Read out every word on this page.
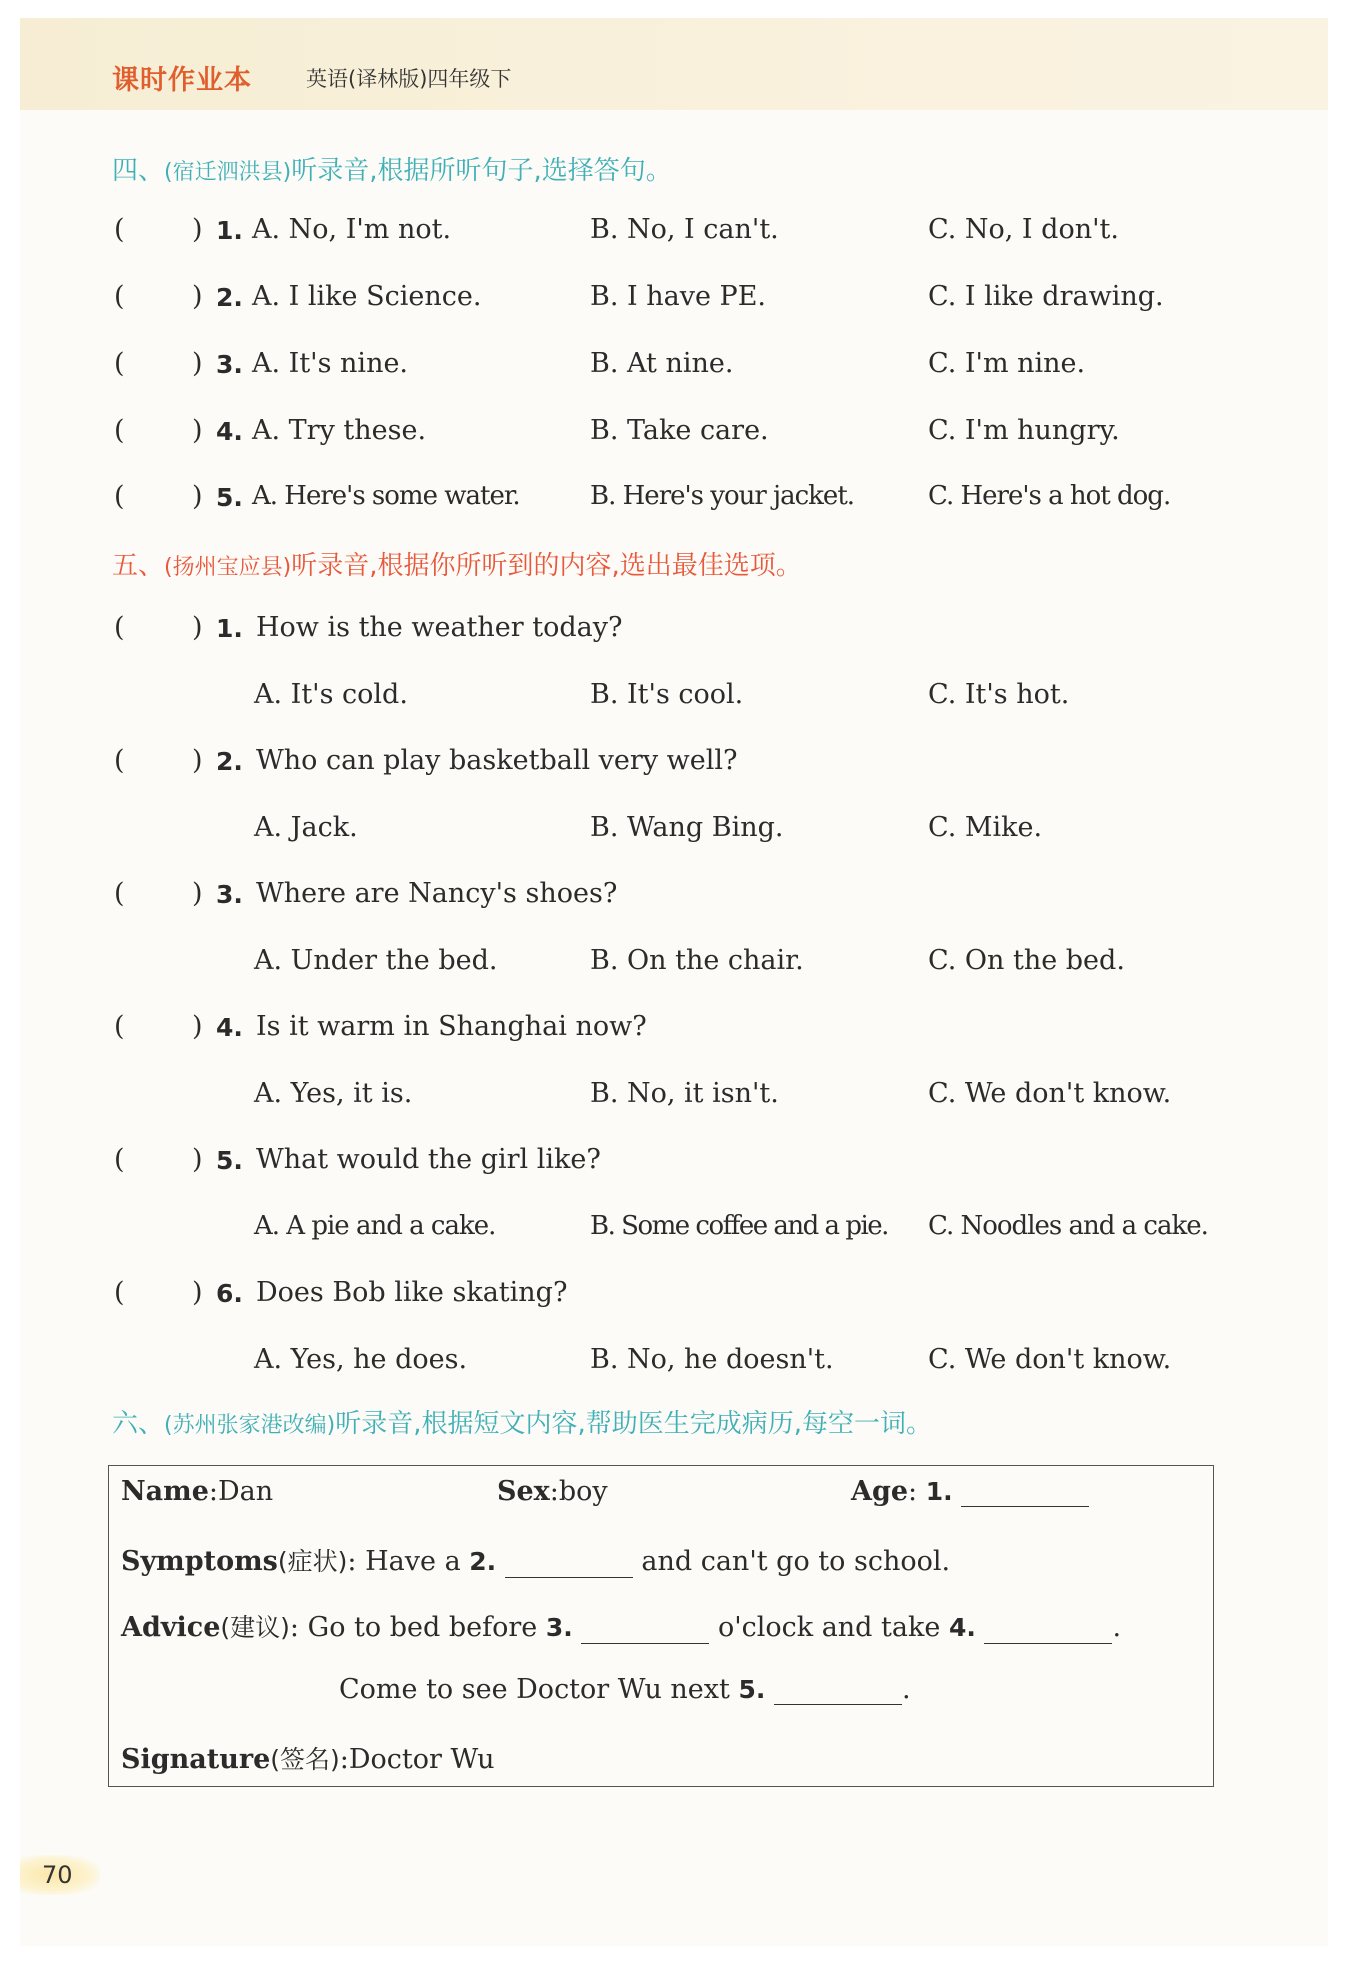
课时作业本	英语(译林版)四年级下
四、(宿迁泗洪县)听录音,根据所听句子,选择答句。
( ) 1. A. No, I'm not.	B. No, I can't.	C. No, I don't.
( ) 2. A. I like Science.	B. I have PE.	C. I like drawing.
( ) 3. A. It's nine.	B. At nine.	C. I'm nine.
( ) 4. A. Try these.	B. Take care.	C. I'm hungry.
( ) 5. A. Here's some water.	B. Here's your jacket.	C. Here's a hot dog.
五、(扬州宝应县)听录音,根据你所听到的内容,选出最佳选项。
( ) 1. How is the weather today?
A. It's cold.	B. It's cool.	C. It's hot.
( ) 2. Who can play basketball very well?
A. Jack.	B. Wang Bing.	C. Mike.
( ) 3. Where are Nancy's shoes?
A. Under the bed.	B. On the chair.	C. On the bed.
( ) 4. Is it warm in Shanghai now?
A. Yes, it is.	B. No, it isn't.	C. We don't know.
( ) 5. What would the girl like?
A. A pie and a cake.	B. Some coffee and a pie. C. Noodles and a cake.
( ) 6. Does Bob like skating?
A. Yes, he does.	B. No, he doesn't.	C. We don't know.
六、(苏州张家港改编)听录音,根据短文内容,帮助医生完成病历,每空一词。
Name:Dan	Sex:boy	Age: 1.
Symptoms(症状): Have a 2.	and can't go to school.
Advice(建议): Go to bed before 3.	o'clock and take 4.	.
Come to see Doctor Wu next 5.	.
Signature(签名):Doctor Wu
70
